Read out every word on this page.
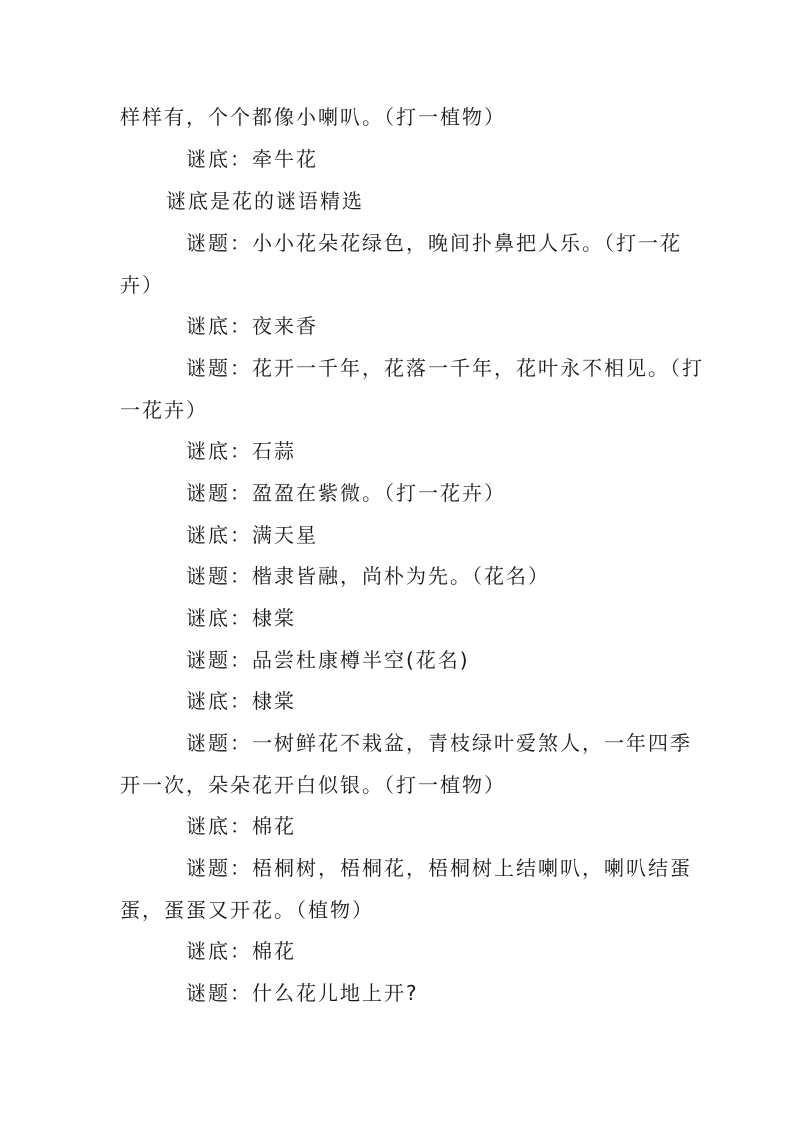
样样有，个个都像小喇叭。（打一植物）
谜底：牵牛花
谜底是花的谜语精选
谜题：小小花朵花绿色，晚间扑鼻把人乐。（打一花
卉）
谜底：夜来香
谜题：花开一千年，花落一千年，花叶永不相见。（打
一花卉）
谜底：石蒜
谜题：盈盈在紫微。（打一花卉）
谜底：满天星
谜题：楷隶皆融，尚朴为先。（花名）
谜底：棣棠
谜题：品尝杜康樽半空(花名)
谜底：棣棠
谜题：一树鲜花不栽盆，青枝绿叶爱煞人，一年四季
开一次，朵朵花开白似银。（打一植物）
谜底：棉花
谜题：梧桐树，梧桐花，梧桐树上结喇叭，喇叭结蛋
蛋，蛋蛋又开花。（植物）
谜底：棉花
谜题：什么花儿地上开?
